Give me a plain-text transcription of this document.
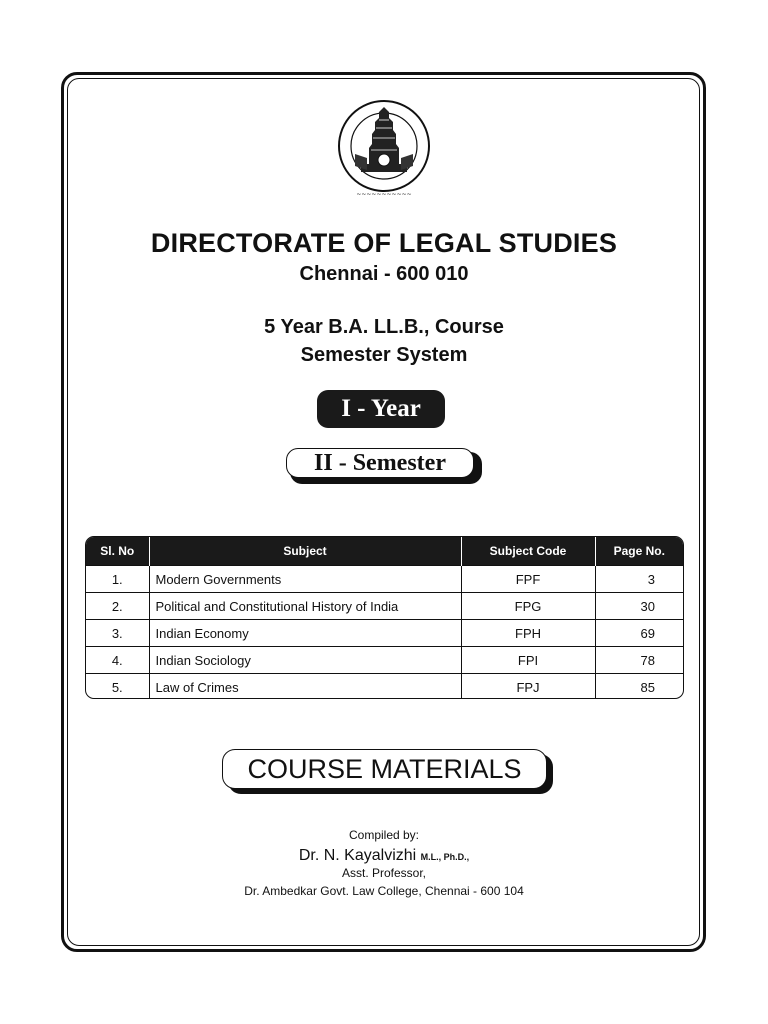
~~~~~~~~~~~
DIRECTORATE OF LEGAL STUDIES
Chennai - 600 010
5 Year B.A. LL.B., Course
Semester System
I - Year
II - Semester
Sl. No	Subject	Subject Code	Page No.
1.	Modern Governments	FPF	3
2.	Political and Constitutional History of India	FPG	30
3.	Indian Economy	FPH	69
4.	Indian Sociology	FPI	78
5.	Law of Crimes	FPJ	85
COURSE MATERIALS
Compiled by:
Dr. N. Kayalvizhi M.L., Ph.D.,
Asst. Professor,
Dr. Ambedkar Govt. Law College, Chennai - 600 104
